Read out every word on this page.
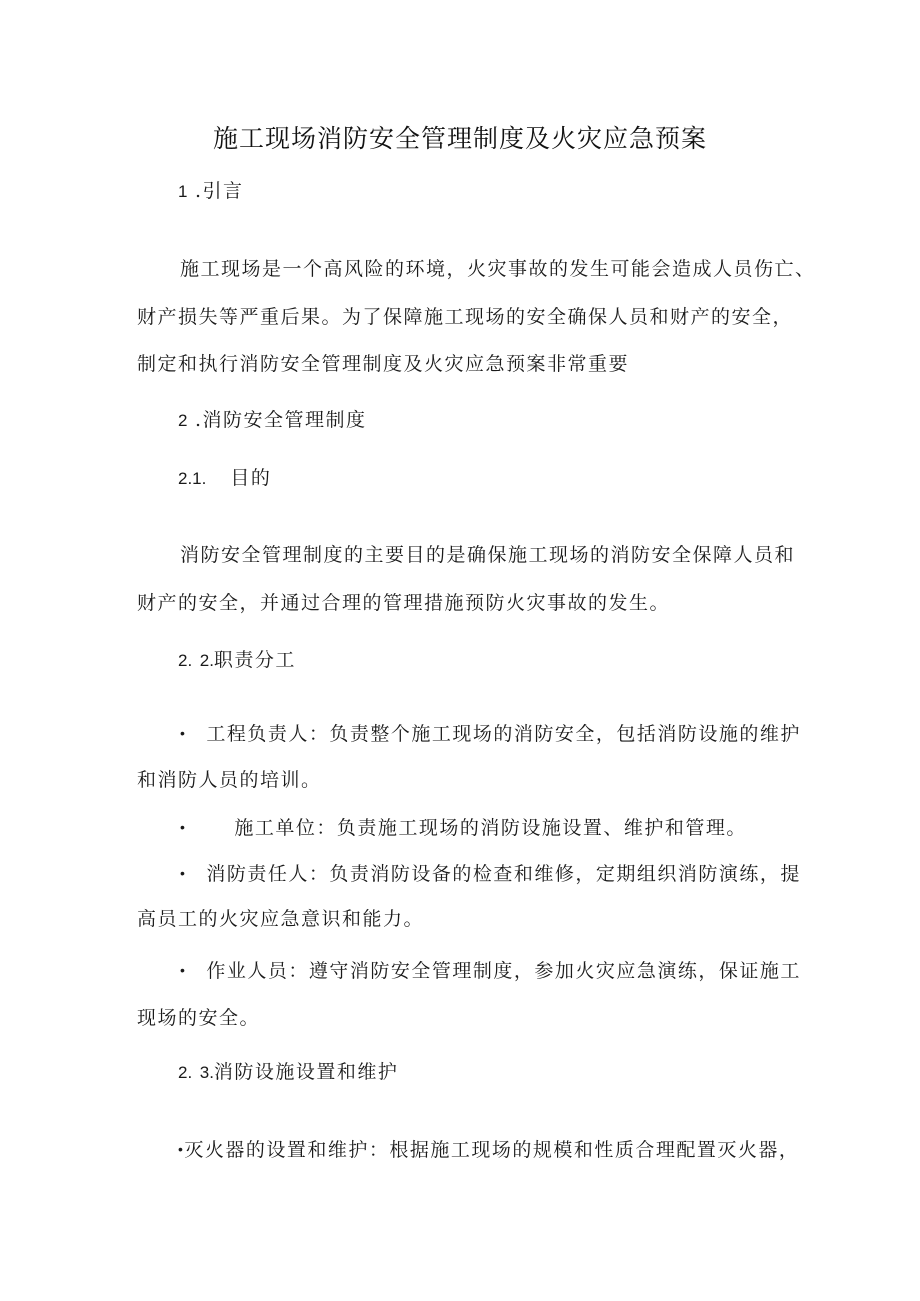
施工现场消防安全管理制度及火灾应急预案
1 .引言
施工现场是一个高风险的环境，火灾事故的发生可能会造成人员伤亡、
财产损失等严重后果。为了保障施工现场的安全确保人员和财产的安全，
制定和执行消防安全管理制度及火灾应急预案非常重要
2 .消防安全管理制度
2.1. 目的
消防安全管理制度的主要目的是确保施工现场的消防安全保障人员和
财产的安全，并通过合理的管理措施预防火灾事故的发生。
2. 2.职责分工
• 工程负责人：负责整个施工现场的消防安全，包括消防设施的维护
和消防人员的培训。
•	施工单位：负责施工现场的消防设施设置、维护和管理。
• 消防责任人：负责消防设备的检查和维修，定期组织消防演练，提
高员工的火灾应急意识和能力。
• 作业人员：遵守消防安全管理制度，参加火灾应急演练，保证施工
现场的安全。
2. 3.消防设施设置和维护
•灭火器的设置和维护：根据施工现场的规模和性质合理配置灭火器，
